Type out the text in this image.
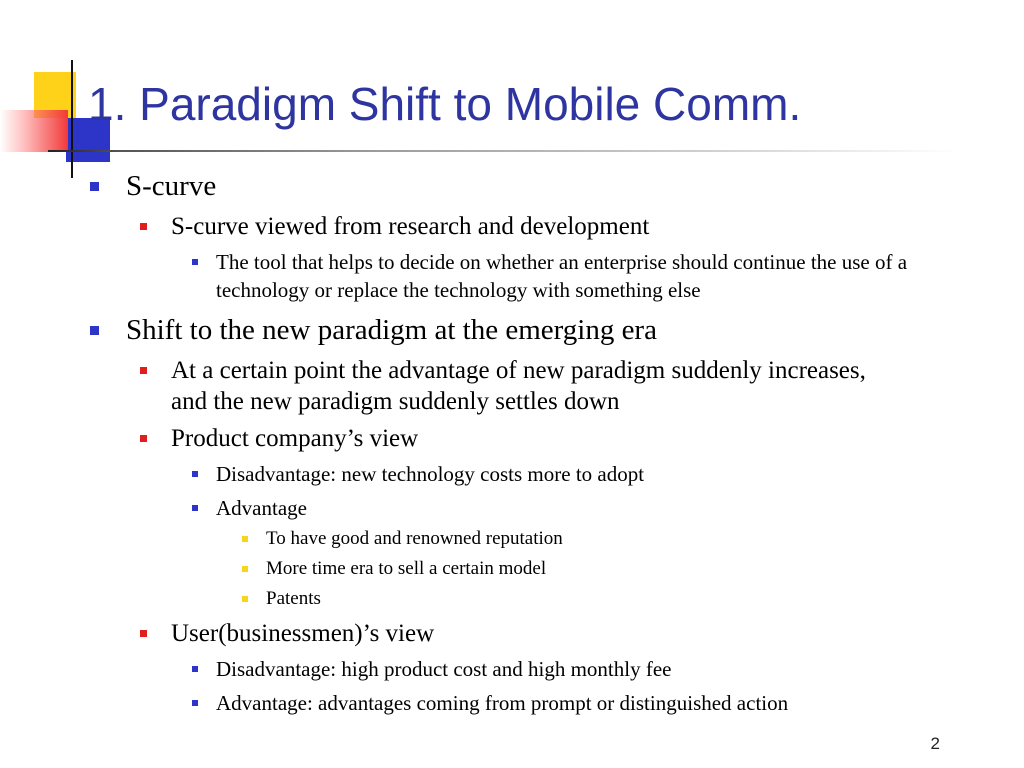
1. Paradigm Shift to Mobile Comm.
S-curve
S-curve viewed from research and development
The tool that helps to decide on whether an enterprise should continue the use of a technology or replace the technology with something else
Shift to the new paradigm at the emerging era
At a certain point the advantage of new paradigm suddenly increases, and the new paradigm suddenly settles down
Product company’s view
Disadvantage: new technology costs more to adopt
Advantage
To have good and renowned reputation
More time era to sell a certain model
Patents
User(businessmen)’s view
Disadvantage: high product cost and high monthly fee
Advantage: advantages coming from prompt or distinguished action
2
